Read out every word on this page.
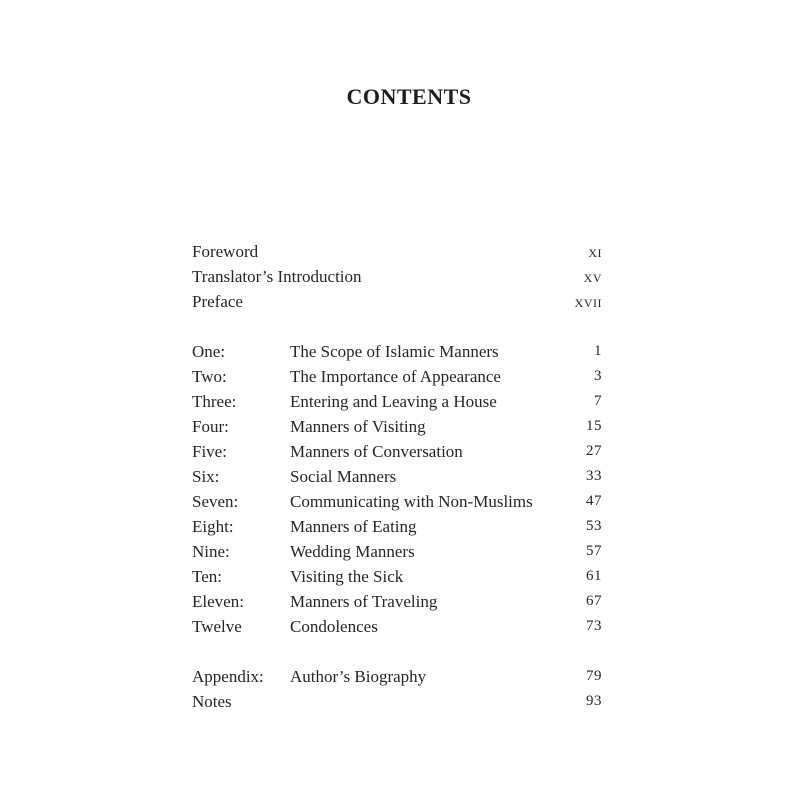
CONTENTS
Foreword	xi
Translator’s Introduction	xv
Preface	xvii
One:	The Scope of Islamic Manners	1
Two:	The Importance of Appearance	3
Three:	Entering and Leaving a House	7
Four:	Manners of Visiting	15
Five:	Manners of Conversation	27
Six:	Social Manners	33
Seven:	Communicating with Non-Muslims	47
Eight:	Manners of Eating	53
Nine:	Wedding Manners	57
Ten:	Visiting the Sick	61
Eleven:	Manners of Traveling	67
Twelve	Condolences	73
Appendix: Author’s Biography	79
Notes	93
